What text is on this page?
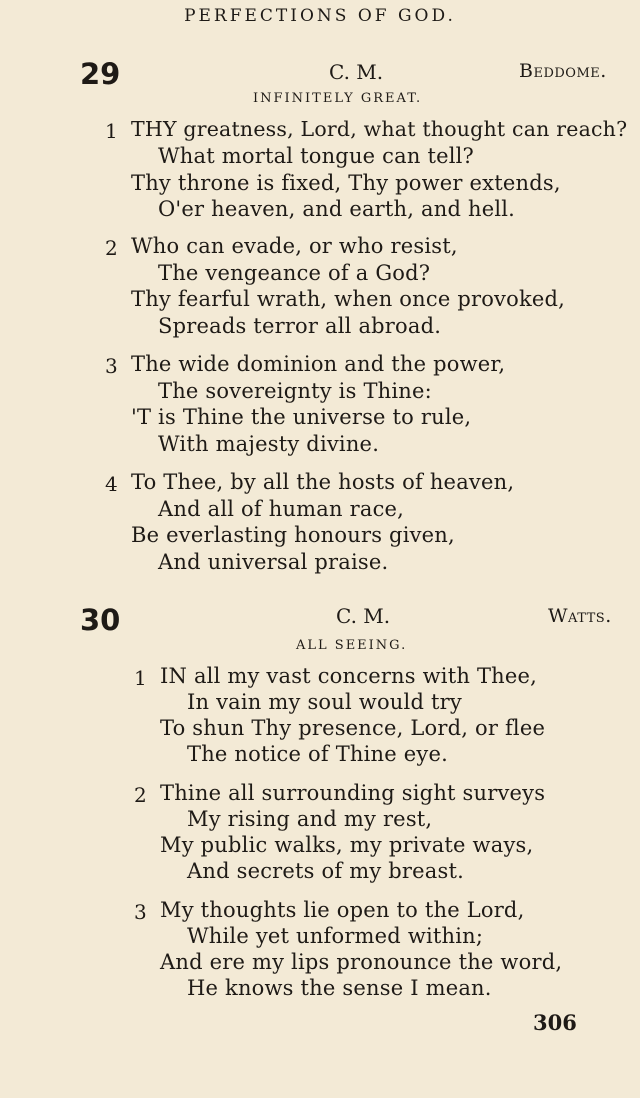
PERFECTIONS OF GOD.
29	C. M.	Beddome.
INFINITELY GREAT.
1 THY greatness, Lord, what thought can reach?
What mortal tongue can tell?
Thy throne is fixed, Thy power extends,
O'er heaven, and earth, and hell.
2 Who can evade, or who resist,
The vengeance of a God?
Thy fearful wrath, when once provoked,
Spreads terror all abroad.
3 The wide dominion and the power,
The sovereignty is Thine:
'T is Thine the universe to rule,
With majesty divine.
4 To Thee, by all the hosts of heaven,
And all of human race,
Be everlasting honours given,
And universal praise.
30	C. M.	Watts.
ALL SEEING.
1 IN all my vast concerns with Thee,
In vain my soul would try
To shun Thy presence, Lord, or flee
The notice of Thine eye.
2 Thine all surrounding sight surveys
My rising and my rest,
My public walks, my private ways,
And secrets of my breast.
3 My thoughts lie open to the Lord,
While yet unformed within;
And ere my lips pronounce the word,
He knows the sense I mean.
306
